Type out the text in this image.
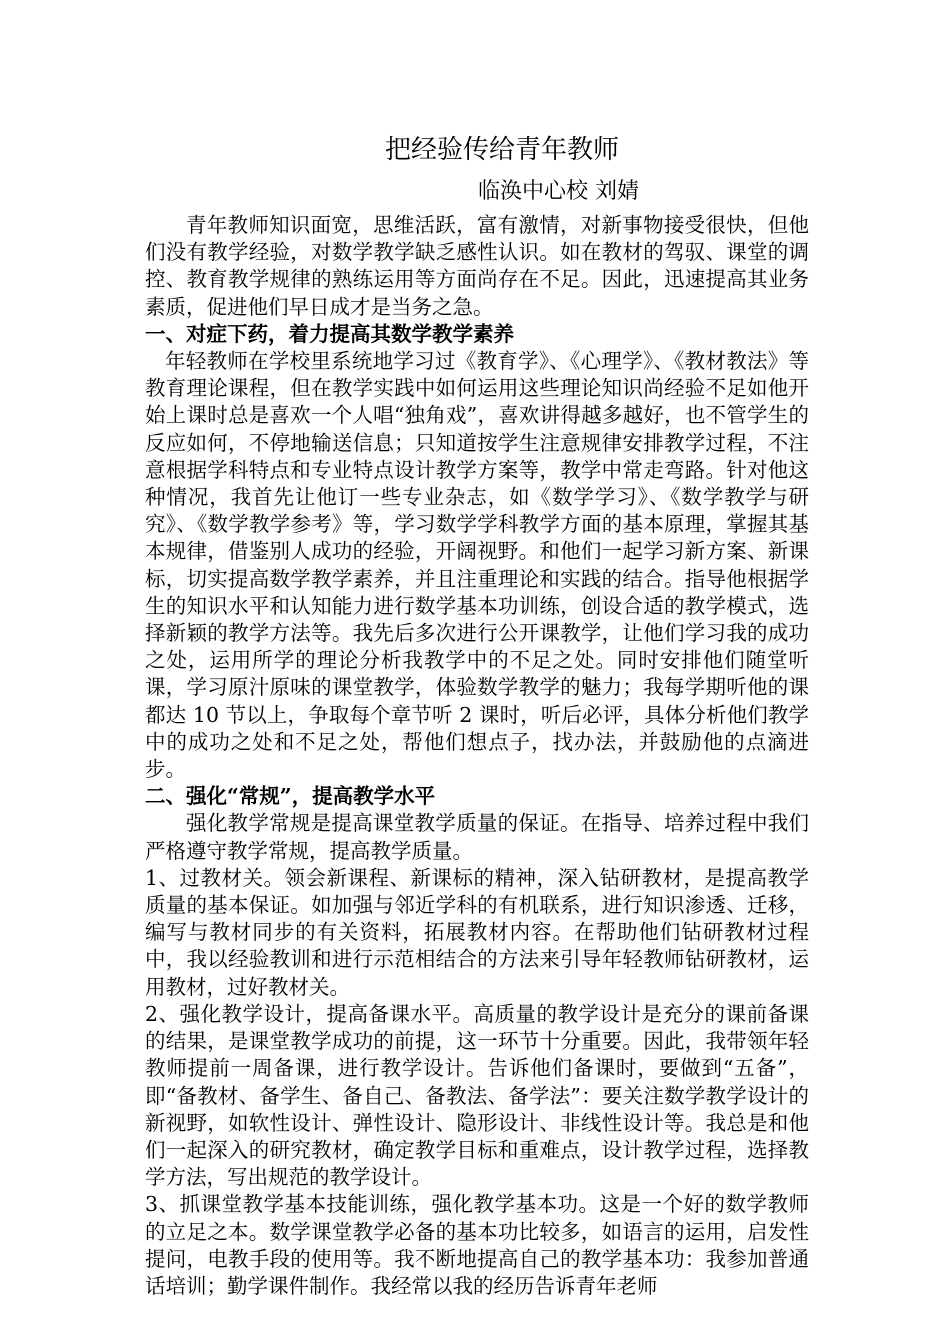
把经验传给青年教师
临涣中心校 刘婧

青年教师知识面宽，思维活跃，富有激情，对新事物接受很快，但他们没有教学经验，对数学教学缺乏感性认识。如在教材的驾驭、课堂的调控、教育教学规律的熟练运用等方面尚存在不足。因此，迅速提高其业务素质，促进他们早日成才是当务之急。

一、对症下药，着力提高其数学教学素养

年轻教师在学校里系统地学习过《教育学》、《心理学》、《教材教法》等教育理论课程，但在教学实践中如何运用这些理论知识尚经验不足如他开始上课时总是喜欢一个人唱“独角戏”，喜欢讲得越多越好，也不管学生的反应如何，不停地输送信息；只知道按学生注意规律安排教学过程，不注意根据学科特点和专业特点设计教学方案等，教学中常走弯路。针对他这种情况，我首先让他订一些专业杂志，如《数学学习》、《数学教学与研究》、《数学教学参考》等，学习数学学科教学方面的基本原理，掌握其基本规律，借鉴别人成功的经验，开阔视野。和他们一起学习新方案、新课标，切实提高数学教学素养，并且注重理论和实践的结合。指导他根据学生的知识水平和认知能力进行数学基本功训练，创设合适的教学模式，选择新颖的教学方法等。我先后多次进行公开课教学，让他们学习我的成功之处，运用所学的理论分析我教学中的不足之处。同时安排他们随堂听课，学习原汁原味的课堂教学，体验数学教学的魅力；我每学期听他的课都达 10 节以上，争取每个章节听 2 课时，听后必评，具体分析他们教学中的成功之处和不足之处，帮他们想点子，找办法，并鼓励他的点滴进步。

二、强化“常规”，提高教学水平

强化教学常规是提高课堂教学质量的保证。在指导、培养过程中我们严格遵守教学常规，提高教学质量。

1、过教材关。领会新课程、新课标的精神，深入钻研教材，是提高教学质量的基本保证。如加强与邻近学科的有机联系，进行知识渗透、迁移，编写与教材同步的有关资料，拓展教材内容。在帮助他们钻研教材过程中，我以经验教训和进行示范相结合的方法来引导年轻教师钻研教材，运用教材，过好教材关。

2、强化教学设计，提高备课水平。高质量的教学设计是充分的课前备课的结果，是课堂教学成功的前提，这一环节十分重要。因此，我带领年轻教师提前一周备课，进行教学设计。告诉他们备课时，要做到“五备”，即“备教材、备学生、备自己、备教法、备学法”：要关注数学教学设计的新视野，如软性设计、弹性设计、隐形设计、非线性设计等。我总是和他们一起深入的研究教材，确定教学目标和重难点，设计教学过程，选择教学方法，写出规范的教学设计。

3、抓课堂教学基本技能训练，强化教学基本功。这是一个好的数学教师的立足之本。数学课堂教学必备的基本功比较多，如语言的运用，启发性提问，电教手段的使用等。我不断地提高自己的教学基本功：我参加普通话培训；勤学课件制作。我经常以我的经历告诉青年老师
